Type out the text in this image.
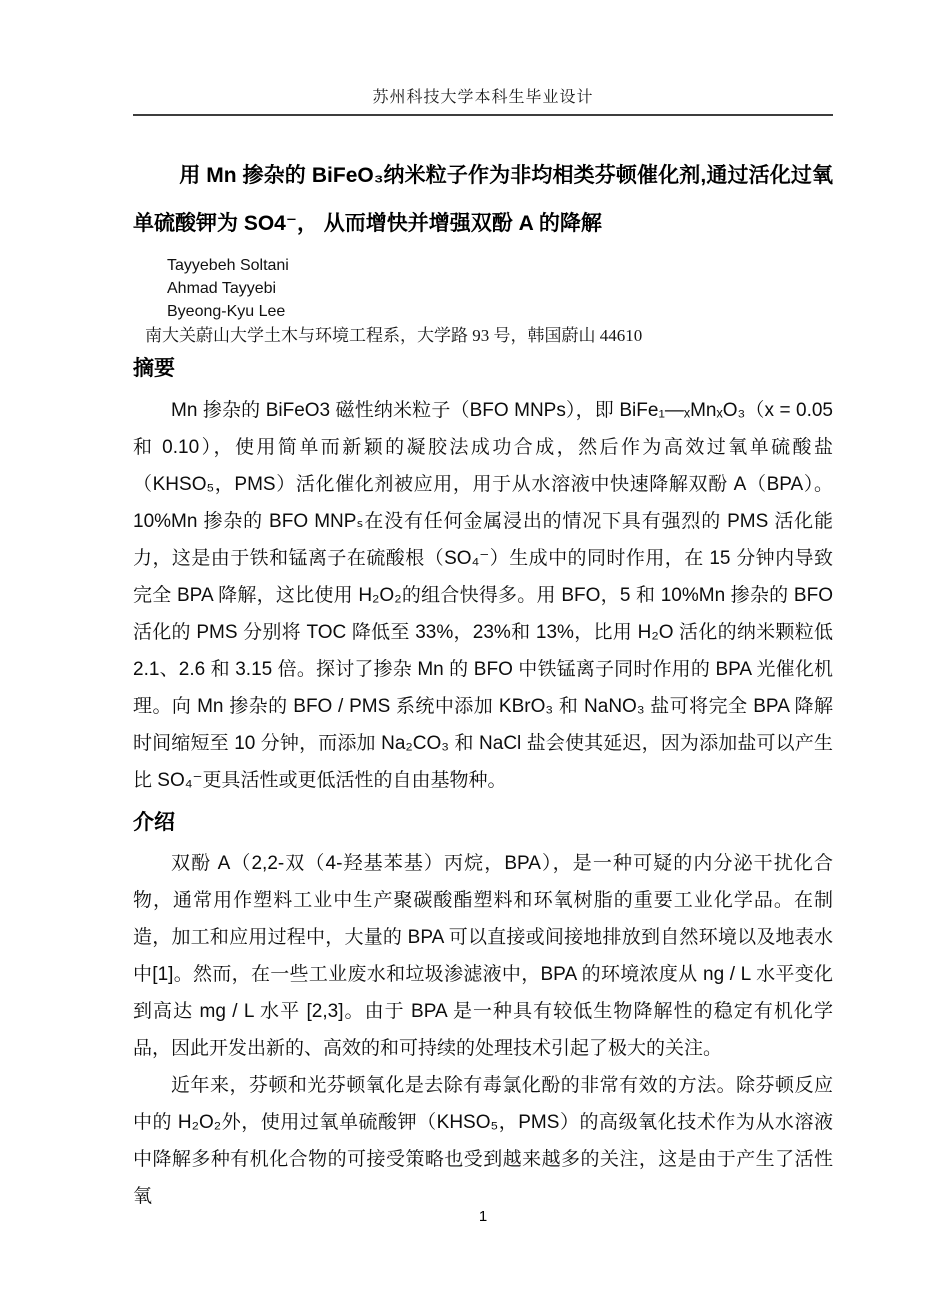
苏州科技大学本科生毕业设计
用 Mn 掺杂的 BiFeO₃纳米粒子作为非均相类芬顿催化剂,通过活化过氧单硫酸钾为 SO4⁻， 从而增快并增强双酚 A 的降解
Tayyebeh Soltani
Ahmad Tayyebi
Byeong-Kyu Lee
南大关蔚山大学土木与环境工程系，大学路 93 号，韩国蔚山 44610
摘要

Mn 掺杂的 BiFeO3 磁性纳米粒子（BFO MNPs），即 BiFe₁—ₓMnₓO₃（x = 0.05 和 0.10），使用简单而新颖的凝胶法成功合成，然后作为高效过氧单硫酸盐（KHSO₅，PMS）活化催化剂被应用，用于从水溶液中快速降解双酚 A（BPA）。10%Mn 掺杂的 BFO MNPₛ在没有任何金属浸出的情况下具有强烈的 PMS 活化能力，这是由于铁和锰离子在硫酸根（SO₄⁻）生成中的同时作用，在 15 分钟内导致完全 BPA 降解，这比使用 H₂O₂的组合快得多。用 BFO，5 和 10%Mn 掺杂的 BFO 活化的 PMS 分别将 TOC 降低至 33%，23%和 13%，比用 H₂O 活化的纳米颗粒低 2.1、2.6 和 3.15 倍。探讨了掺杂 Mn 的 BFO 中铁锰离子同时作用的 BPA 光催化机理。向 Mn 掺杂的 BFO / PMS 系统中添加 KBrO₃ 和 NaNO₃ 盐可将完全 BPA 降解时间缩短至 10 分钟，而添加 Na₂CO₃ 和 NaCl 盐会使其延迟，因为添加盐可以产生比 SO₄⁻更具活性或更低活性的自由基物种。

介绍

双酚 A（2,2-双（4-羟基苯基）丙烷，BPA），是一种可疑的内分泌干扰化合物，通常用作塑料工业中生产聚碳酸酯塑料和环氧树脂的重要工业化学品。在制造，加工和应用过程中，大量的 BPA 可以直接或间接地排放到自然环境以及地表水中[1]。然而，在一些工业废水和垃圾渗滤液中，BPA 的环境浓度从 ng / L 水平变化到高达 mg / L 水平 [2,3]。由于 BPA 是一种具有较低生物降解性的稳定有机化学品，因此开发出新的、高效的和可持续的处理技术引起了极大的关注。

近年来，芬顿和光芬顿氧化是去除有毒氯化酚的非常有效的方法。除芬顿反应中的 H₂O₂外，使用过氧单硫酸钾（KHSO₅，PMS）的高级氧化技术作为从水溶液中降解多种有机化合物的可接受策略也受到越来越多的关注，这是由于产生了活性氧

1
